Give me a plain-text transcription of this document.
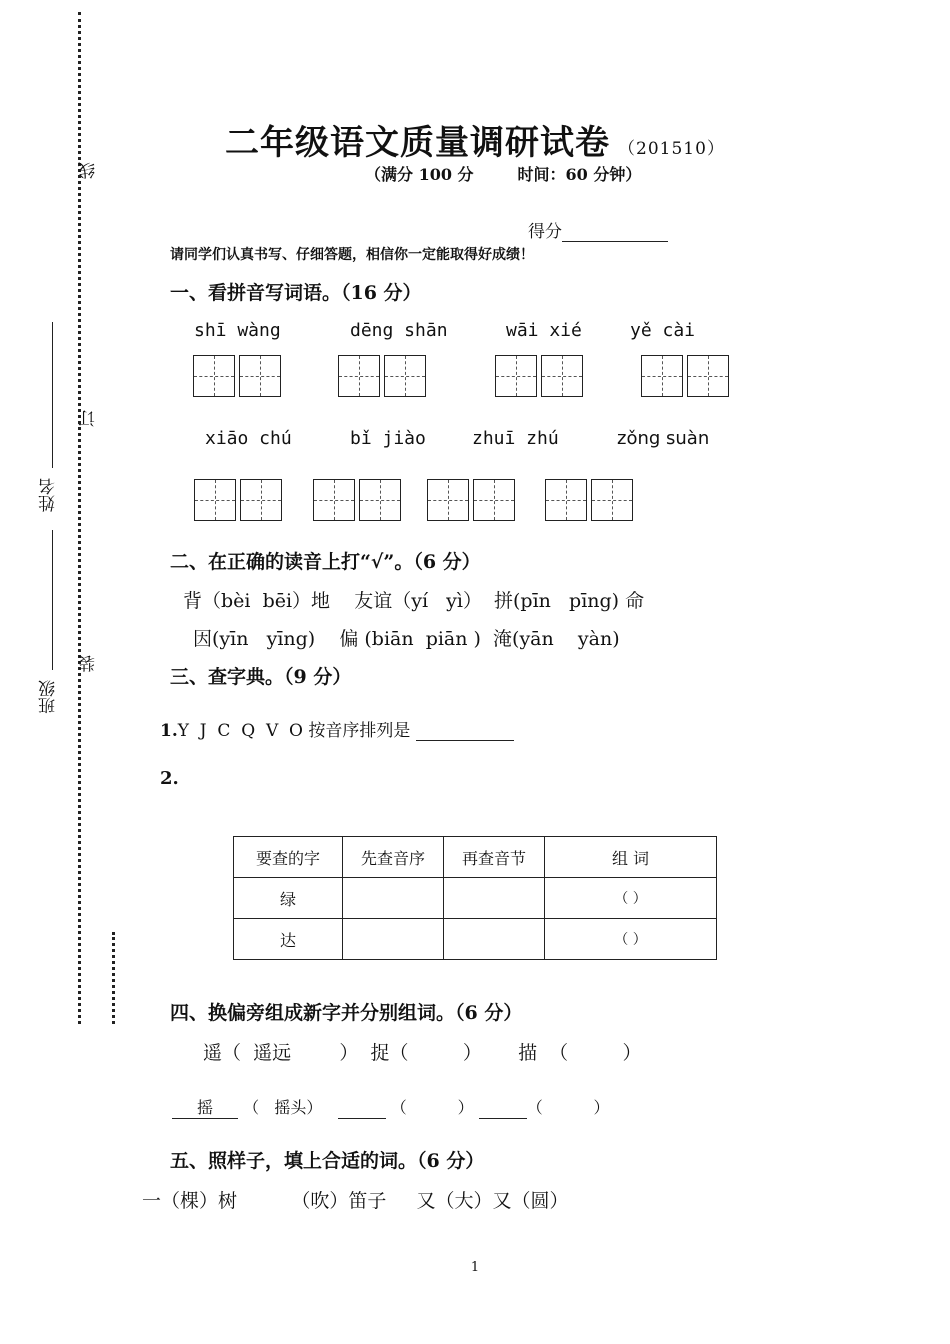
线
订
装
姓名
班级
二年级语文质量调研试卷 （201510）
（满分 100 分	时间：60 分钟）
得分
请同学们认真书写、仔细答题，相信你一定能取得好成绩！
一、看拼音写词语。（16 分）
shī wàng	dēng shān	wāi xié	yě cài
xiāo chú	bǐ jiào	zhuī zhú	zǒng suàn
二、在正确的读音上打“√”。（6 分）
背（bèi  bēi）地    友谊（yí   yì）  拼(pīn   pīng) 命
因(yīn   yīng)    偏 (biān  piān )  淹(yān    yàn)
三、查字典。（9 分）
1.Y  J  C  Q  V  O 按音序排列是
2.
要查的字	先查音序	再查音节	组 词
绿			（ ）
达			（ ）
四、换偏旁组成新字并分别组词。（6 分）
遥（  遥远        ）  捉（         ）      描  （         ）

摇 （   摇头）	（          ）	（          ）
五、照样子，填上合适的词。（6 分）
一（棵）树         （吹）笛子     又（大）又（圆）
1
